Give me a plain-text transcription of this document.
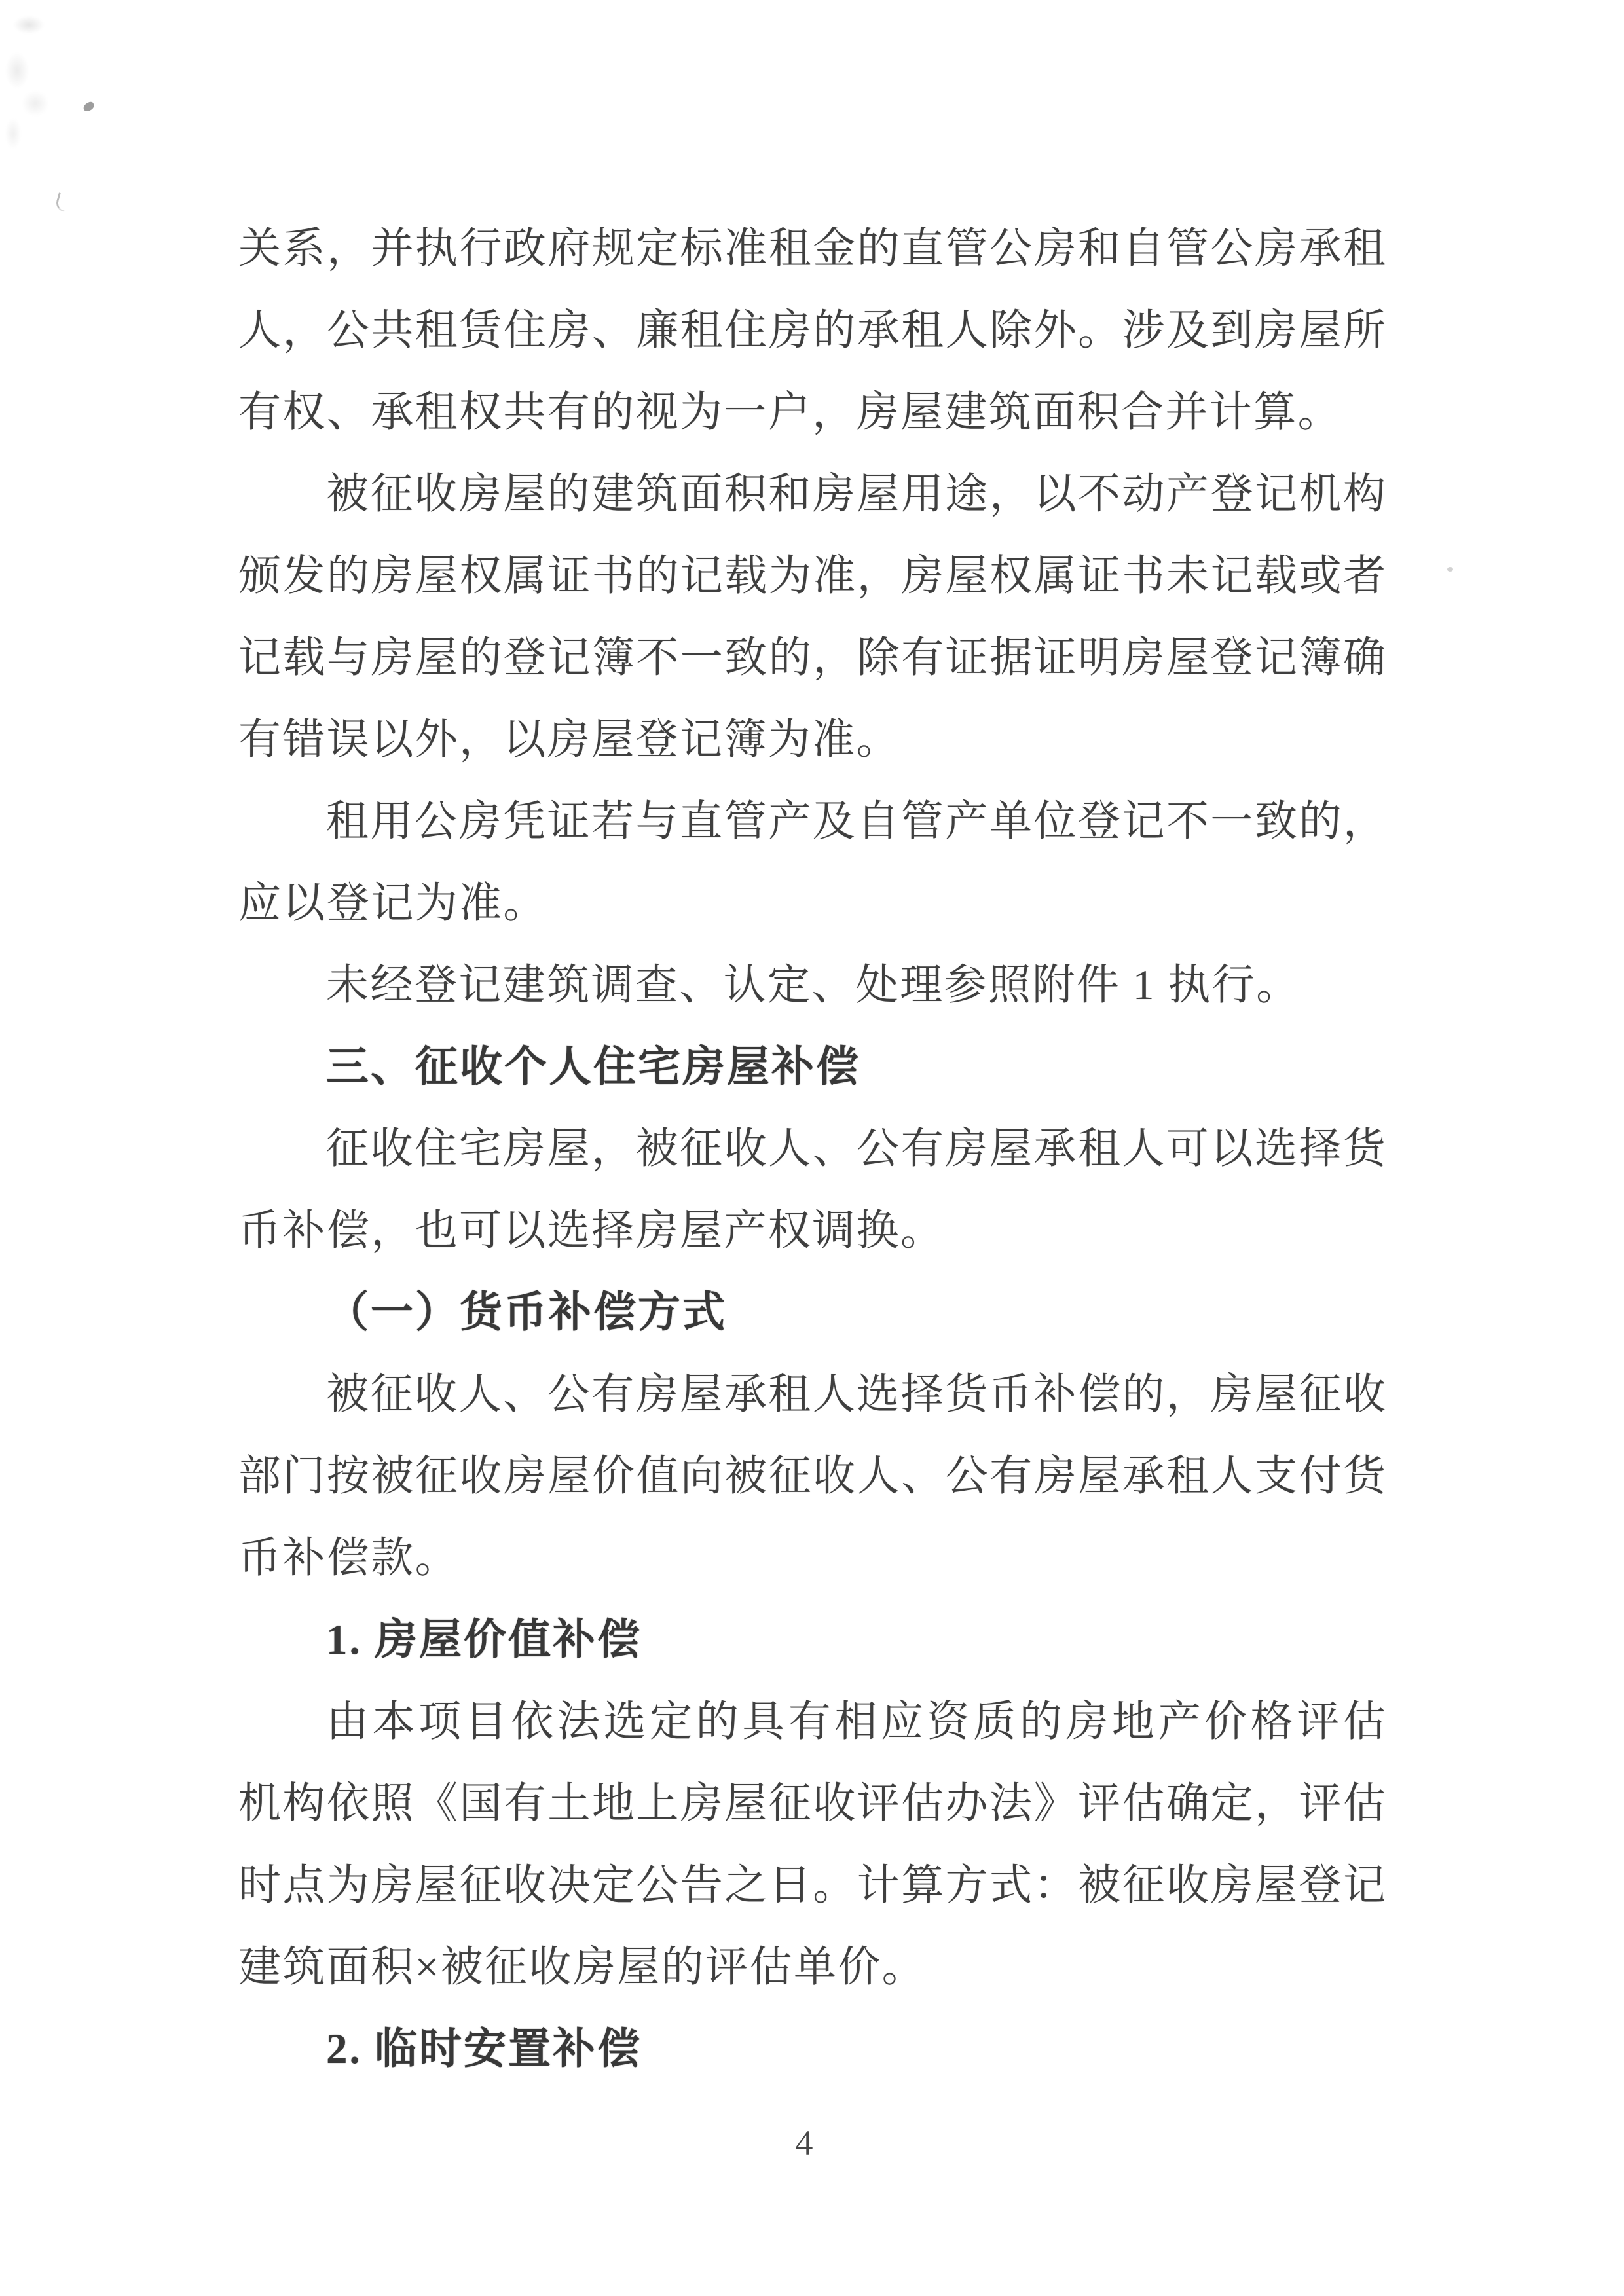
关系，并执行政府规定标准租金的直管公房和自管公房承租
人，公共租赁住房、廉租住房的承租人除外。涉及到房屋所
有权、承租权共有的视为一户，房屋建筑面积合并计算。
被征收房屋的建筑面积和房屋用途，以不动产登记机构
颁发的房屋权属证书的记载为准，房屋权属证书未记载或者
记载与房屋的登记簿不一致的，除有证据证明房屋登记簿确
有错误以外，以房屋登记簿为准。
租用公房凭证若与直管产及自管产单位登记不一致的，
应以登记为准。
未经登记建筑调查、认定、处理参照附件 1 执行。
三、征收个人住宅房屋补偿
征收住宅房屋，被征收人、公有房屋承租人可以选择货
币补偿，也可以选择房屋产权调换。
（一）货币补偿方式
被征收人、公有房屋承租人选择货币补偿的，房屋征收
部门按被征收房屋价值向被征收人、公有房屋承租人支付货
币补偿款。
1. 房屋价值补偿
由本项目依法选定的具有相应资质的房地产价格评估
机构依照《国有土地上房屋征收评估办法》评估确定，评估
时点为房屋征收决定公告之日。计算方式：被征收房屋登记
建筑面积×被征收房屋的评估单价。
2. 临时安置补偿
4
